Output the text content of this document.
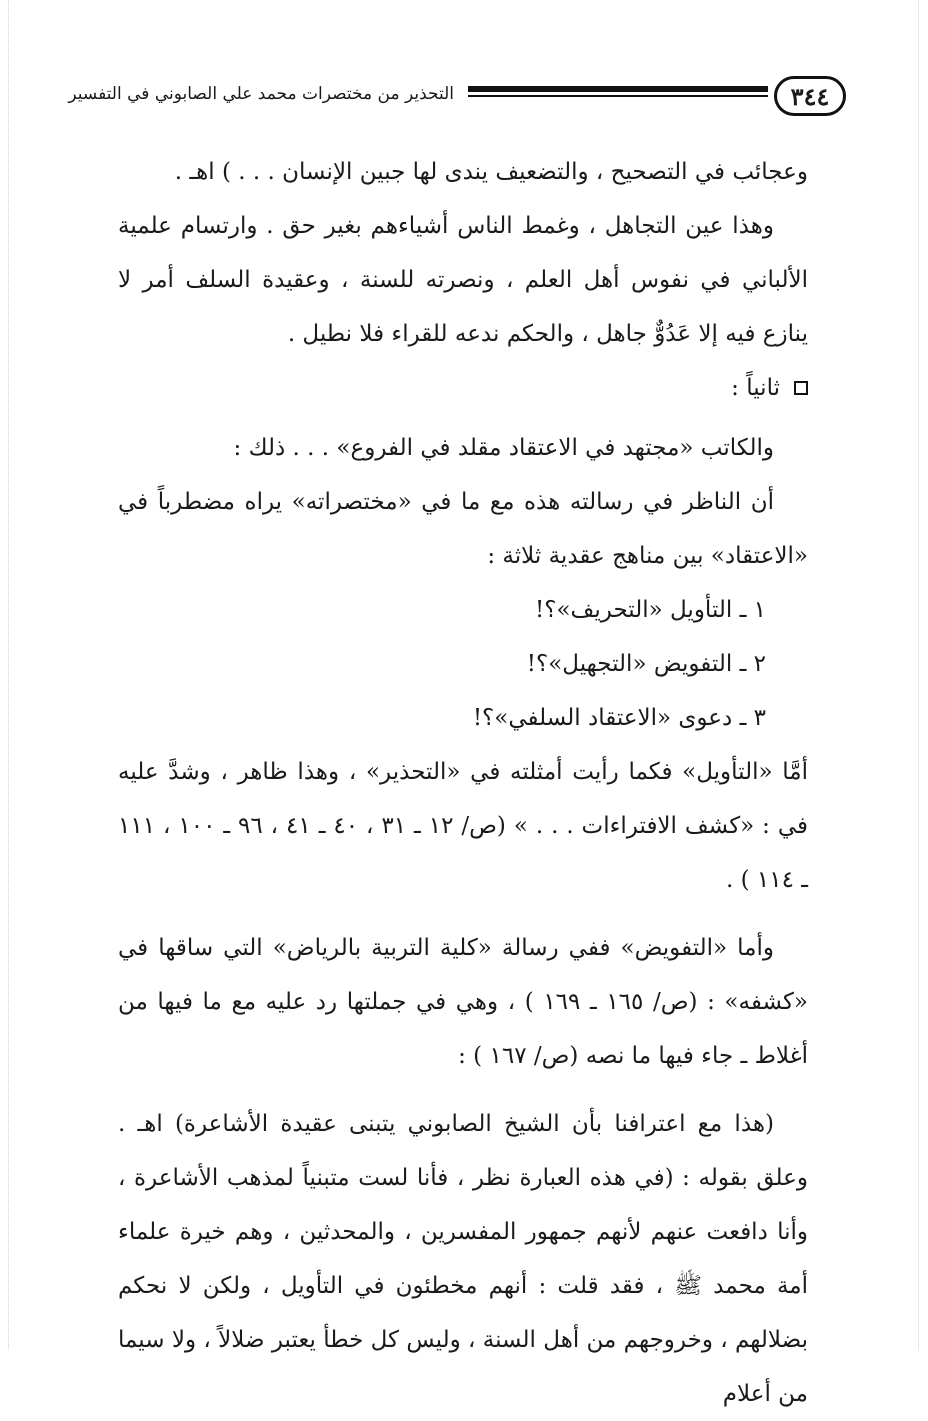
٣٤٤
التحذير من مختصرات محمد علي الصابوني في التفسير

وعجائب في التصحيح ، والتضعيف يندى لها جبين الإنسان . . . ) اهـ .

وهذا عين التجاهل ، وغمط الناس أشياءهم بغير حق . وارتسام علمية الألباني في نفوس أهل العلم ، ونصرته للسنة ، وعقيدة السلف أمر لا ينازع فيه إلا عَدُوٌّ جاهل ، والحكم ندعه للقراء فلا نطيل .

ثانياً :

والكاتب «مجتهد في الاعتقاد مقلد في الفروع» . . . ذلك :

أن الناظر في رسالته هذه مع ما في «مختصراته» يراه مضطرباً في «الاعتقاد» بين مناهج عقدية ثلاثة :

١ ـ التأويل «التحريف»؟!

٢ ـ التفويض «التجهيل»؟!

٣ ـ دعوى «الاعتقاد السلفي»؟!

أمَّا «التأويل» فكما رأيت أمثلته في «التحذير» ، وهذا ظاهر ، وشدَّ عليه في : «كشف الافتراءات . . . » (ص/ ١٢ ـ ٣١ ، ٤٠ ـ ٤١ ، ٩٦ ـ ١٠٠ ، ١١١ ـ ١١٤ ) .

وأما «التفويض» ففي رسالة «كلية التربية بالرياض» التي ساقها في «كشفه» : (ص/ ١٦٥ ـ ١٦٩ ) ، وهي في جملتها رد عليه مع ما فيها من أغلاط ـ جاء فيها ما نصه (ص/ ١٦٧ ) :

(هذا مع اعترافنا بأن الشيخ الصابوني يتبنى عقيدة الأشاعرة) اهـ . وعلق بقوله : (في هذه العبارة نظر ، فأنا لست متبنياً لمذهب الأشاعرة ، وأنا دافعت عنهم لأنهم جمهور المفسرين ، والمحدثين ، وهم خيرة علماء أمة محمد ﷺ ، فقد قلت : أنهم مخطئون في التأويل ، ولكن لا نحكم بضلالهم ، وخروجهم من أهل السنة ، وليس كل خطأ يعتبر ضلالاً ، ولا سيما من أعلام
